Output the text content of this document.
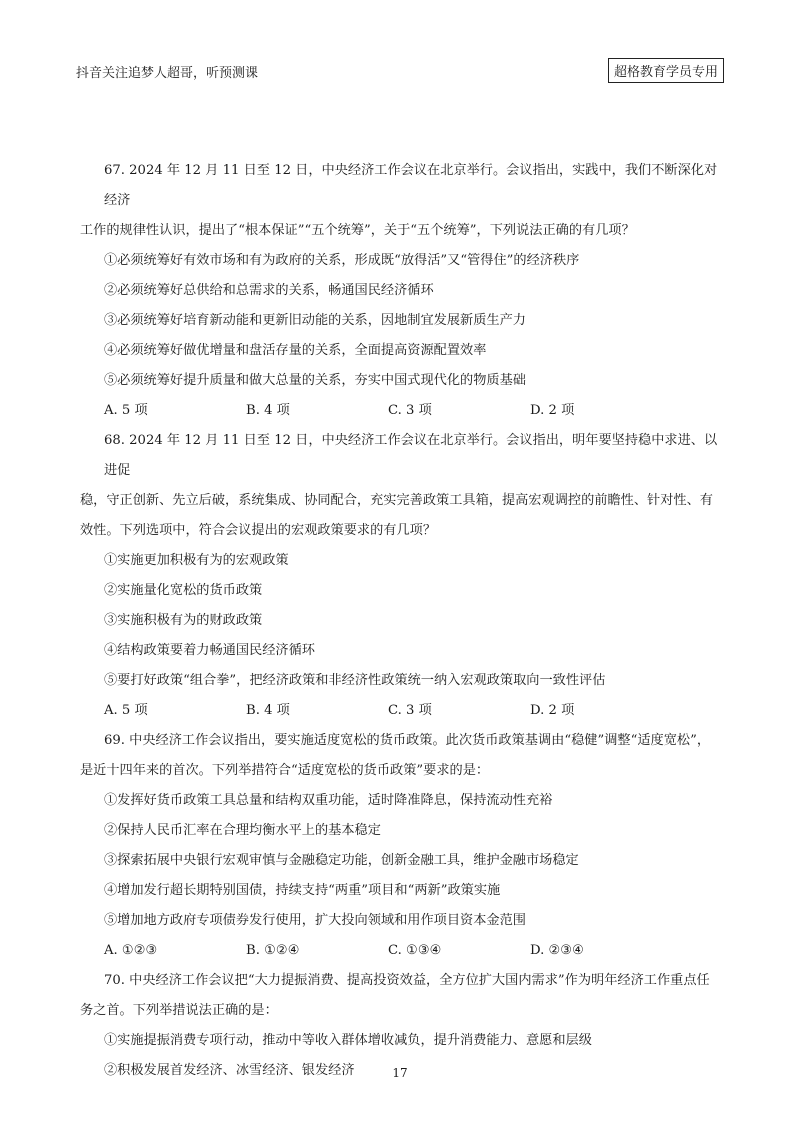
抖音关注追梦人超哥，听预测课	超格教育学员专用
67. 2024 年 12 月 11 日至 12 日，中央经济工作会议在北京举行。会议指出，实践中，我们不断深化对经济
工作的规律性认识，提出了“根本保证”“五个统筹”，关于“五个统筹”，下列说法正确的有几项？
①必须统筹好有效市场和有为政府的关系，形成既“放得活”又“管得住”的经济秩序
②必须统筹好总供给和总需求的关系，畅通国民经济循环
③必须统筹好培育新动能和更新旧动能的关系，因地制宜发展新质生产力
④必须统筹好做优增量和盘活存量的关系，全面提高资源配置效率
⑤必须统筹好提升质量和做大总量的关系，夯实中国式现代化的物质基础
A. 5 项	B. 4 项	C. 3 项	D. 2 项
68. 2024 年 12 月 11 日至 12 日，中央经济工作会议在北京举行。会议指出，明年要坚持稳中求进、以进促
稳，守正创新、先立后破，系统集成、协同配合，充实完善政策工具箱，提高宏观调控的前瞻性、针对性、有
效性。下列选项中，符合会议提出的宏观政策要求的有几项？
①实施更加积极有为的宏观政策
②实施量化宽松的货币政策
③实施积极有为的财政政策
④结构政策要着力畅通国民经济循环
⑤要打好政策“组合拳”，把经济政策和非经济性政策统一纳入宏观政策取向一致性评估
A. 5 项	B. 4 项	C. 3 项	D. 2 项
69. 中央经济工作会议指出，要实施适度宽松的货币政策。此次货币政策基调由“稳健”调整“适度宽松”，
是近十四年来的首次。下列举措符合“适度宽松的货币政策”要求的是：
①发挥好货币政策工具总量和结构双重功能，适时降准降息，保持流动性充裕
②保持人民币汇率在合理均衡水平上的基本稳定
③探索拓展中央银行宏观审慎与金融稳定功能，创新金融工具，维护金融市场稳定
④增加发行超长期特别国债，持续支持“两重”项目和“两新”政策实施
⑤增加地方政府专项债券发行使用，扩大投向领域和用作项目资本金范围
A. ①②③	B. ①②④	C. ①③④	D. ②③④
70. 中央经济工作会议把“大力提振消费、提高投资效益，全方位扩大国内需求”作为明年经济工作重点任
务之首。下列举措说法正确的是：
①实施提振消费专项行动，推动中等收入群体增收减负，提升消费能力、意愿和层级
②积极发展首发经济、冰雪经济、银发经济	17
